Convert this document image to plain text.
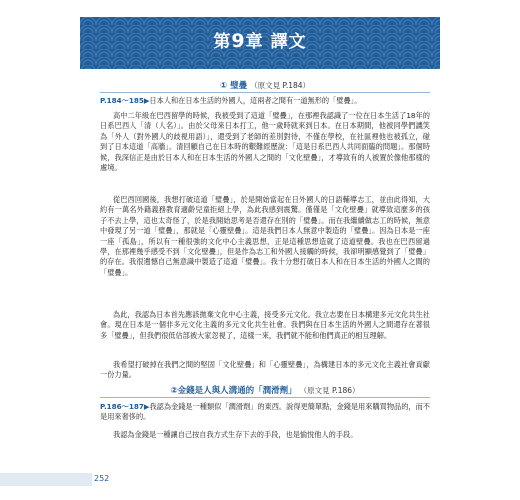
第9章 譯文
① 璧疊 （原文見 P.184）

P.184〜185▶日本人和在日本生活的外國人，這兩者之間有一道無形的「璧疊」。

高中二年級在巴西留學的時候，我被受到了這道「璧疊」，在那裡我認識了一位在日本生活了18年的日系巴西人「清（人名）」。由於父母來日本打工，他一歲時就來到日本。在日本期間，他被同學們譏笑為「外人（對外國人的歧視用語）」，還受到了老師的差別對待，不僅在學校，在社區裡他也被孤立，碰到了日本這道「高牆」。清回顧自己在日本時的艱難經歷說：「這是日系巴西人共同面臨的問題」。那個時候，我深信正是由於日本人和在日本生活的外國人之間的「文化壁疊」，才導致有的人被置於像他那樣的處境。

從巴西回國後，我想打破這道「璧疊」，於是開始當起在日外國人的日語輔導志工，並由此得知，大約有一萬名外籍義務教育適齡兒童拒絕上學，為此我感到震驚。僅僅是「文化壁疊」就導致這麼多的孩子不去上學，這也太奇怪了，於是我開始思考是否還存在別的「璧疊」。而在我繼續做志工的時候，無意中發現了另一道「璧疊」，那就是「心靈壁疊」。這是我們日本人無意中製造的「璧疊」。因為日本是一座一座「孤島」，所以有一種很強的文化中心主義思想，正是這種思想造就了這道壁疊。我也在巴西留過學，在那裡幾乎感受不到「文化壁疊」，但是作為志工和外國人接觸的時候，我卻明顯感覺到了「璧疊」的存在。我很遺憾自己無意識中製造了這道「璧疊」。我十分想打破日本人和在日本生活的外國人之間的「璧疊」。

為此，我認為日本首先應該拋棄文化中心主義，接受多元文化。我立志要在日本構建多元文化共生社會。現在日本是一個非多元文化主義的多元文化共生社會。我們與在日本生活的外國人之間還存在著很多「璧疊」，但我們很低估部被大家忽視了，這樣一來，我們就不能和他們真正的相互理解。

我希望打破掉在我們之間的堅固「文化壁疊」和「心靈壁疊」，為構建日本的多元文化主義社會貢獻一份力量。

②金錢是人與人溝通的「潤滑劑」 （原文見 P.186）

P.186〜187▶我認為金錢是一種類似「潤滑劑」的東西。說得更簡單點，金錢是用來購買物品的，而不是用來奢侈的。

我認為金錢是一種讓自己按自我方式生存下去的手段，也是愉悅他人的手段。

252
